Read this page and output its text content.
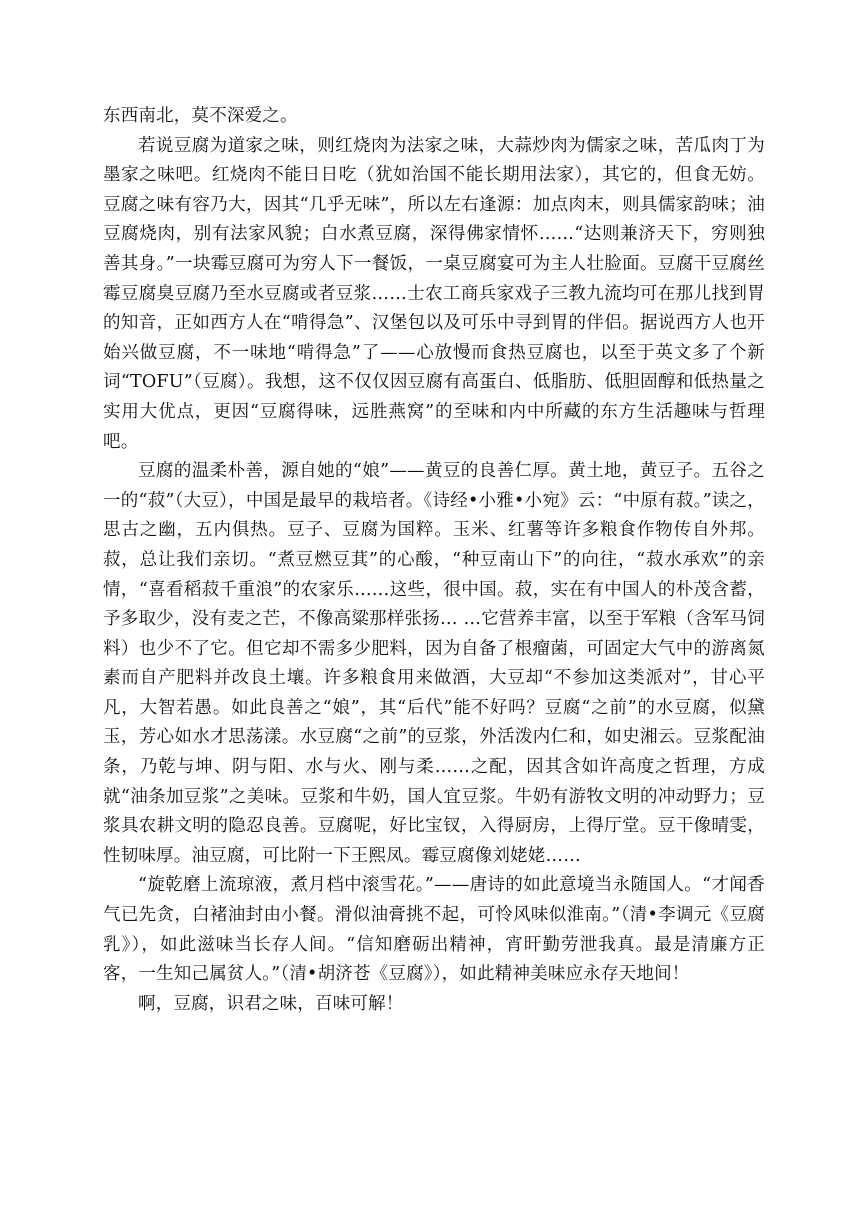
东西南北，莫不深爱之。

若说豆腐为道家之味，则红烧肉为法家之味，大蒜炒肉为儒家之味，苦瓜肉丁为墨家之味吧。红烧肉不能日日吃（犹如治国不能长期用法家），其它的，但食无妨。豆腐之味有容乃大，因其“几乎无味”，所以左右逢源：加点肉末，则具儒家韵味；油豆腐烧肉，别有法家风貌；白水煮豆腐，深得佛家情怀……“达则兼济天下，穷则独善其身。”一块霉豆腐可为穷人下一餐饭，一桌豆腐宴可为主人壮脸面。豆腐干豆腐丝霉豆腐臭豆腐乃至水豆腐或者豆浆……士农工商兵家戏子三教九流均可在那儿找到胃的知音，正如西方人在“啃得急”、汉堡包以及可乐中寻到胃的伴侣。据说西方人也开始兴做豆腐，不一味地“啃得急”了——心放慢而食热豆腐也，以至于英文多了个新词“TOFU”（豆腐）。我想，这不仅仅因豆腐有高蛋白、低脂肪、低胆固醇和低热量之实用大优点，更因“豆腐得味，远胜燕窝”的至味和内中所藏的东方生活趣味与哲理吧。

豆腐的温柔朴善，源自她的“娘”——黄豆的良善仁厚。黄土地，黄豆子。五谷之一的“菽”（大豆），中国是最早的栽培者。《诗经•小雅•小宛》云：“中原有菽。”读之，思古之幽，五内俱热。豆子、豆腐为国粹。玉米、红薯等许多粮食作物传自外邦。菽，总让我们亲切。“煮豆燃豆萁”的心酸，“种豆南山下”的向往，“菽水承欢”的亲情，“喜看稻菽千重浪”的农家乐……这些，很中国。菽，实在有中国人的朴茂含蓄，予多取少，没有麦之芒，不像高粱那样张扬… …它营养丰富，以至于军粮（含军马饲料）也少不了它。但它却不需多少肥料，因为自备了根瘤菌，可固定大气中的游离氮素而自产肥料并改良土壤。许多粮食用来做酒，大豆却“不参加这类派对”，甘心平凡，大智若愚。如此良善之“娘”，其“后代”能不好吗？豆腐“之前”的水豆腐，似黛玉，芳心如水才思荡漾。水豆腐“之前”的豆浆，外活泼内仁和，如史湘云。豆浆配油条，乃乾与坤、阴与阳、水与火、刚与柔……之配，因其含如许高度之哲理，方成就“油条加豆浆”之美味。豆浆和牛奶，国人宜豆浆。牛奶有游牧文明的冲动野力；豆浆具农耕文明的隐忍良善。豆腐呢，好比宝钗，入得厨房，上得厅堂。豆干像晴雯，性韧味厚。油豆腐，可比附一下王熙凤。霉豆腐像刘姥姥……

“旋乾磨上流琼液，煮月档中滚雪花。”——唐诗的如此意境当永随国人。“才闻香气已先贪，白褚油封由小餐。滑似油膏挑不起，可怜风味似淮南。”（清•李调元《豆腐乳》），如此滋味当长存人间。“信知磨砺出精神，宵旰勤劳泄我真。最是清廉方正客，一生知己属贫人。”（清•胡济苍《豆腐》），如此精神美味应永存天地间！

啊，豆腐，识君之味，百味可解！
